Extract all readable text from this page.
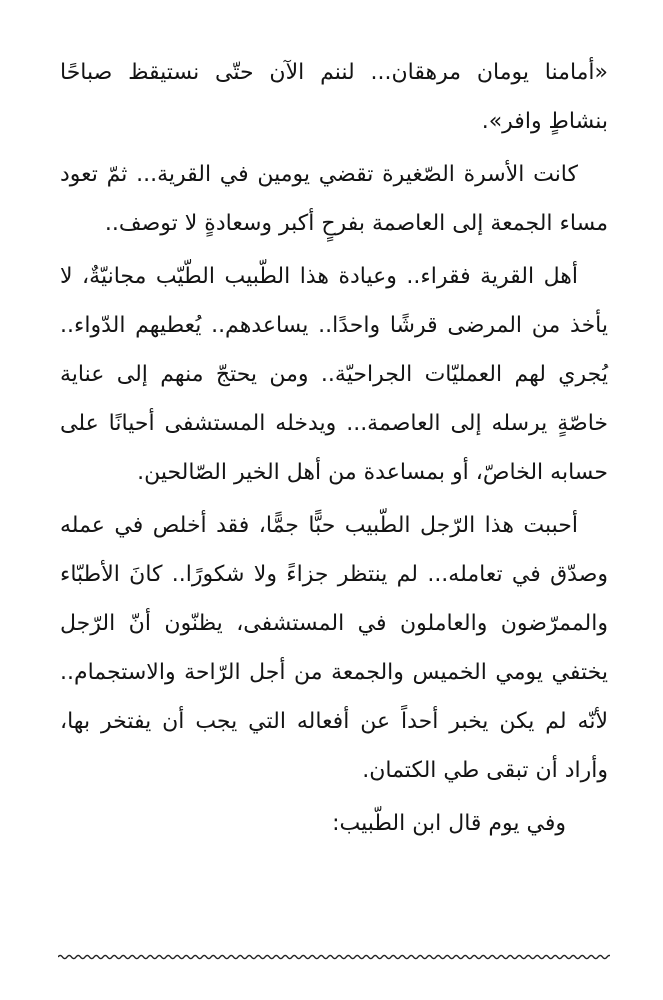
«أمامنا يومان مرهقان... لننم الآن حتّى نستيقظ صباحًا بنشاطٍ وافر».

كانت الأسرة الصّغيرة تقضي يومين في القرية... ثمّ تعود مساء الجمعة إلى العاصمة بفرحٍ أكبر وسعادةٍ لا توصف..

أهل القرية فقراء.. وعيادة هذا الطّبيب الطّيّب مجانيّةٌ، لا يأخذ من المرضى قرشًا واحدًا.. يساعدهم.. يُعطيهم الدّواء.. يُجري لهم العمليّات الجراحيّة.. ومن يحتجّ منهم إلى عناية خاصّةٍ يرسله إلى العاصمة... ويدخله المستشفى أحيانًا على حسابه الخاصّ، أو بمساعدة من أهل الخير الصّالحين.

أحببت هذا الرّجل الطّبيب حبًّا جمًّا، فقد أخلص في عمله وصدّق في تعامله... لم ينتظر جزاءً ولا شكورًا.. كانَ الأطبّاء والممرّضون والعاملون في المستشفى، يظنّون أنّ الرّجل يختفي يومي الخميس والجمعة من أجل الرّاحة والاستجمام.. لأنّه لم يكن يخبر أحداً عن أفعاله التي يجب أن يفتخر بها، وأراد أن تبقى طي الكتمان.

وفي يوم قال ابن الطّبيب:
